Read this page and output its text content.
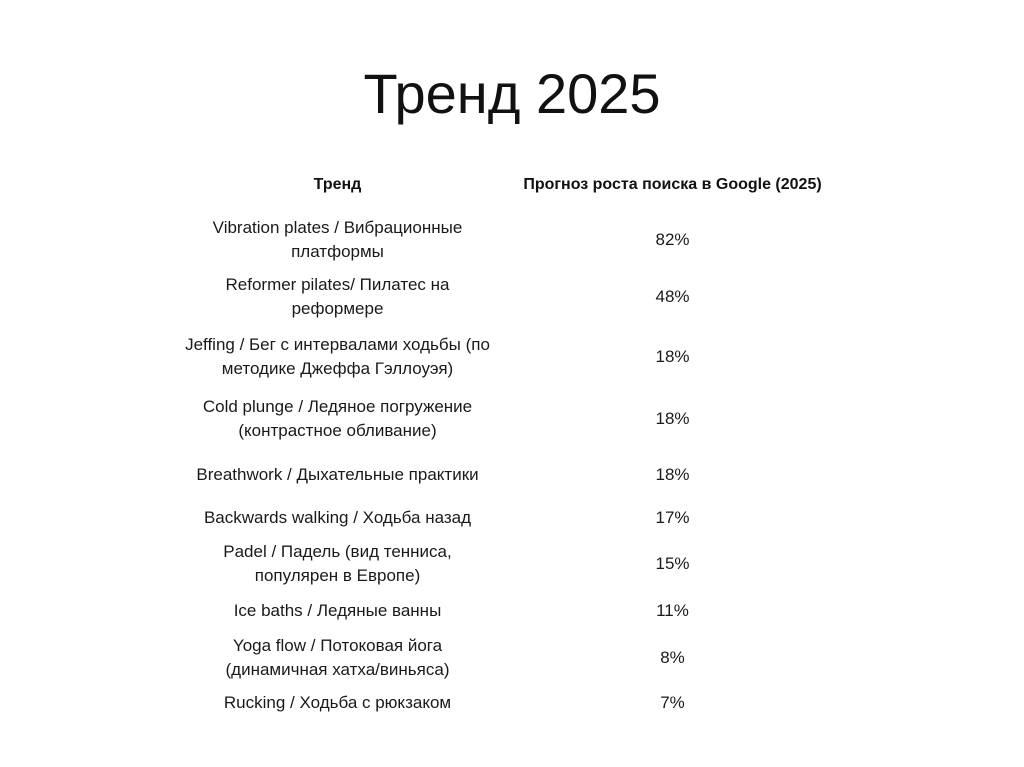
Тренд 2025
Тренд	Прогноз роста поиска в Google (2025)
Vibration plates / Вибрационные платформы	82%
Reformer pilates/ Пилатес на реформере	48%
Jeffing / Бег с интервалами ходьбы (по методике Джеффа Гэллоуэя)	18%
Cold plunge / Ледяное погружение (контрастное обливание)	18%
Breathwork / Дыхательные практики	18%
Backwards walking / Ходьба назад	17%
Padel / Падель (вид тенниса, популярен в Европе)	15%
Ice baths / Ледяные ванны	11%
Yoga flow / Потоковая йога (динамичная хатха/виньяса)	8%
Rucking / Ходьба с рюкзаком	7%
